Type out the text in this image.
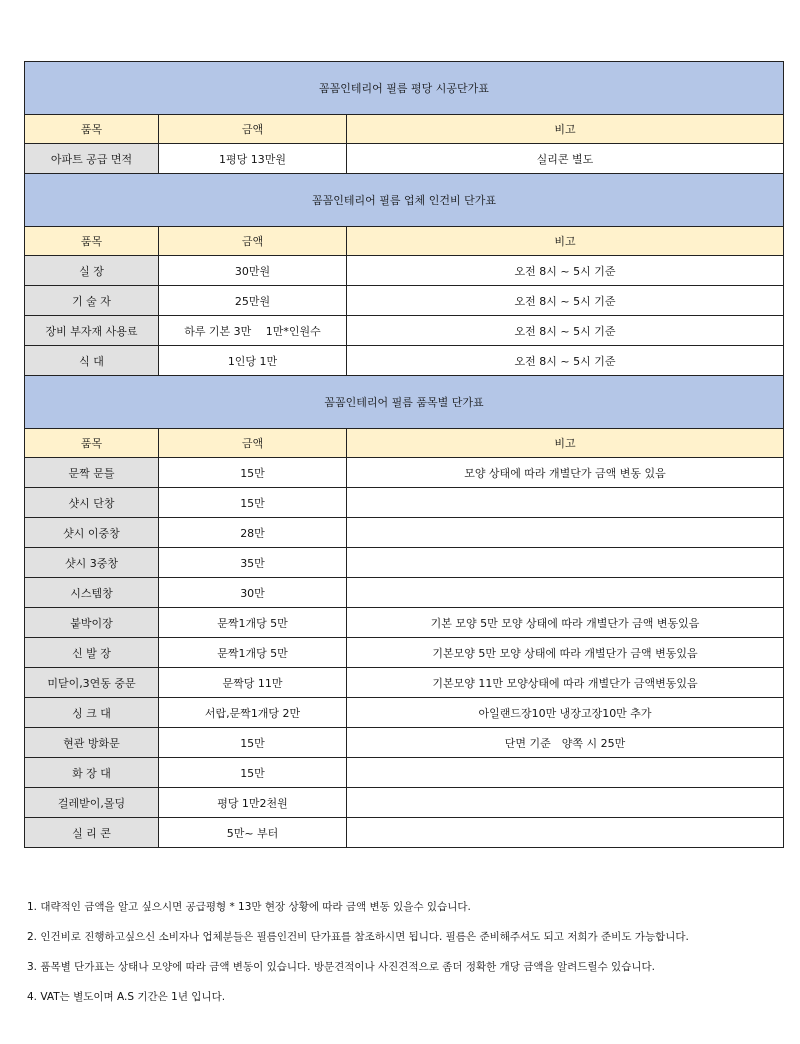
꼼꼼인테리어 필름 평당 시공단가표		
품목	금액	비고
아파트 공급 면적	1평당 13만원	실리콘 별도
꼼꼼인테리어 필름 업체 인건비 단가표		
품목	금액	비고
실 장	30만원	오전 8시 ~ 5시 기준
기 술 자	25만원	오전 8시 ~ 5시 기준
장비 부자재 사용료	하루 기본 3만　 1만*인원수	오전 8시 ~ 5시 기준
식 대	1인당 1만	오전 8시 ~ 5시 기준
꼼꼼인테리어 필름 품목별 단가표		
품목	금액	비고
문짝 문틀	15만	모양 상태에 따라 개별단가 금액 변동 있음
샷시 단창	15만	
샷시 이중창	28만	
샷시 3중창	35만	
시스템창	30만	
붙박이장	문짝1개당 5만	기본 모양 5만 모양 상태에 따라 개별단가 금액 변동있음
신 발 장	문짝1개당 5만	기본모양 5만 모양 상태에 따라 개별단가 금액 변동있음
미닫이,3연동 중문	문짝당 11만	기본모양 11만 모양상태에 따라 개별단가 금액변동있음
싱 크 대	서랍,문짝1개당 2만	아일랜드장10만 냉장고장10만 추가
현관 방화문	15만	단면 기준　양쪽 시 25만
화 장 대	15만	
걸레받이,몰딩	평당 1만2천원	
실 리 콘	5만~ 부터	

1. 대략적인 금액을 알고 싶으시면 공급평형 * 13만 현장 상황에 따라 금액 변동 있을수 있습니다.

2. 인건비로 진행하고싶으신 소비자나 업체분들은 필름인건비 단가표를 참조하시면 됩니다. 필름은 준비해주셔도 되고 저희가 준비도 가능합니다.

3. 품목별 단가표는 상태나 모양에 따라 금액 변동이 있습니다. 방문견적이나 사진견적으로 좀더 정확한 개당 금액을 알려드릴수 있습니다.

4. VAT는 별도이며 A.S 기간은 1년 입니다.
